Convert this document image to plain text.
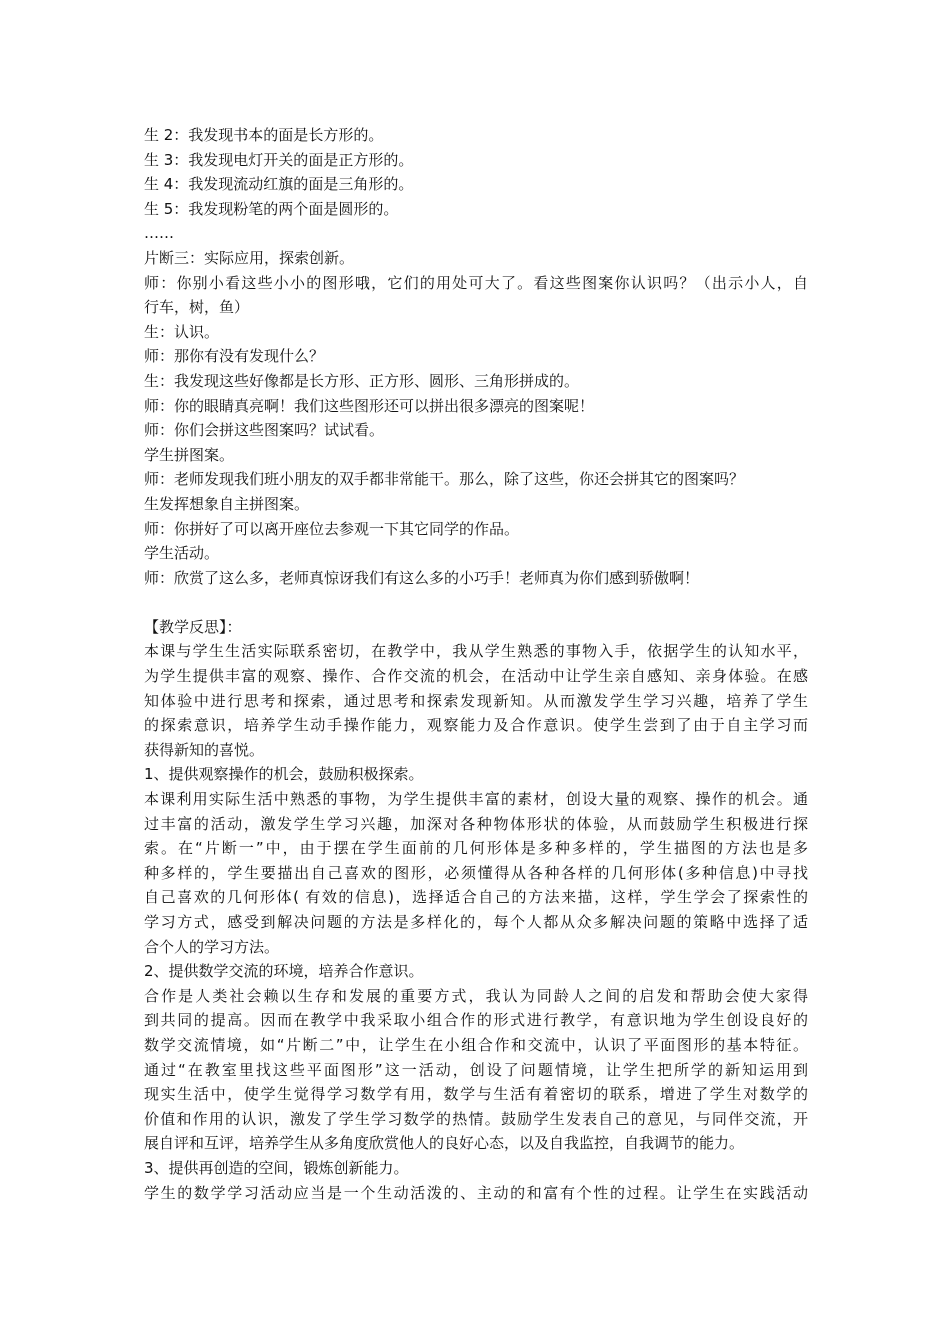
生 2：我发现书本的面是长方形的。
生 3：我发现电灯开关的面是正方形的。
生 4：我发现流动红旗的面是三角形的。
生 5：我发现粉笔的两个面是圆形的。
……
片断三：实际应用，探索创新。
师：你别小看这些小小的图形哦，它们的用处可大了。看这些图案你认识吗？（出示小人，自
行车，树，鱼）
生：认识。
师：那你有没有发现什么？
生：我发现这些好像都是长方形、正方形、圆形、三角形拼成的。
师：你的眼睛真亮啊！我们这些图形还可以拼出很多漂亮的图案呢！
师：你们会拼这些图案吗？试试看。
学生拼图案。
师：老师发现我们班小朋友的双手都非常能干。那么，除了这些，你还会拼其它的图案吗？
生发挥想象自主拼图案。
师：你拼好了可以离开座位去参观一下其它同学的作品。
学生活动。
师：欣赏了这么多，老师真惊讶我们有这么多的小巧手！老师真为你们感到骄傲啊！
【教学反思】：
本课与学生生活实际联系密切，在教学中，我从学生熟悉的事物入手，依据学生的认知水平，
为学生提供丰富的观察、操作、合作交流的机会，在活动中让学生亲自感知、亲身体验。在感
知体验中进行思考和探索，通过思考和探索发现新知。从而激发学生学习兴趣，培养了学生
的探索意识，培养学生动手操作能力，观察能力及合作意识。使学生尝到了由于自主学习而
获得新知的喜悦。
1、提供观察操作的机会，鼓励积极探索。
本课利用实际生活中熟悉的事物，为学生提供丰富的素材，创设大量的观察、操作的机会。通
过丰富的活动，激发学生学习兴趣，加深对各种物体形状的体验，从而鼓励学生积极进行探
索。在“片断一”中，由于摆在学生面前的几何形体是多种多样的，学生描图的方法也是多
种多样的，学生要描出自己喜欢的图形，必须懂得从各种各样的几何形体(多种信息)中寻找
自己喜欢的几何形体( 有效的信息)，选择适合自己的方法来描，这样，学生学会了探索性的
学习方式，感受到解决问题的方法是多样化的，每个人都从众多解决问题的策略中选择了适
合个人的学习方法。
2、提供数学交流的环境，培养合作意识。
合作是人类社会赖以生存和发展的重要方式，我认为同龄人之间的启发和帮助会使大家得
到共同的提高。因而在教学中我采取小组合作的形式进行教学，有意识地为学生创设良好的
数学交流情境，如“片断二”中，让学生在小组合作和交流中，认识了平面图形的基本特征。
通过“在教室里找这些平面图形”这一活动，创设了问题情境，让学生把所学的新知运用到
现实生活中，使学生觉得学习数学有用，数学与生活有着密切的联系，增进了学生对数学的
价值和作用的认识，激发了学生学习数学的热情。鼓励学生发表自己的意见，与同伴交流，开
展自评和互评，培养学生从多角度欣赏他人的良好心态，以及自我监控，自我调节的能力。
3、提供再创造的空间，锻炼创新能力。
学生的数学学习活动应当是一个生动活泼的、主动的和富有个性的过程。让学生在实践活动
